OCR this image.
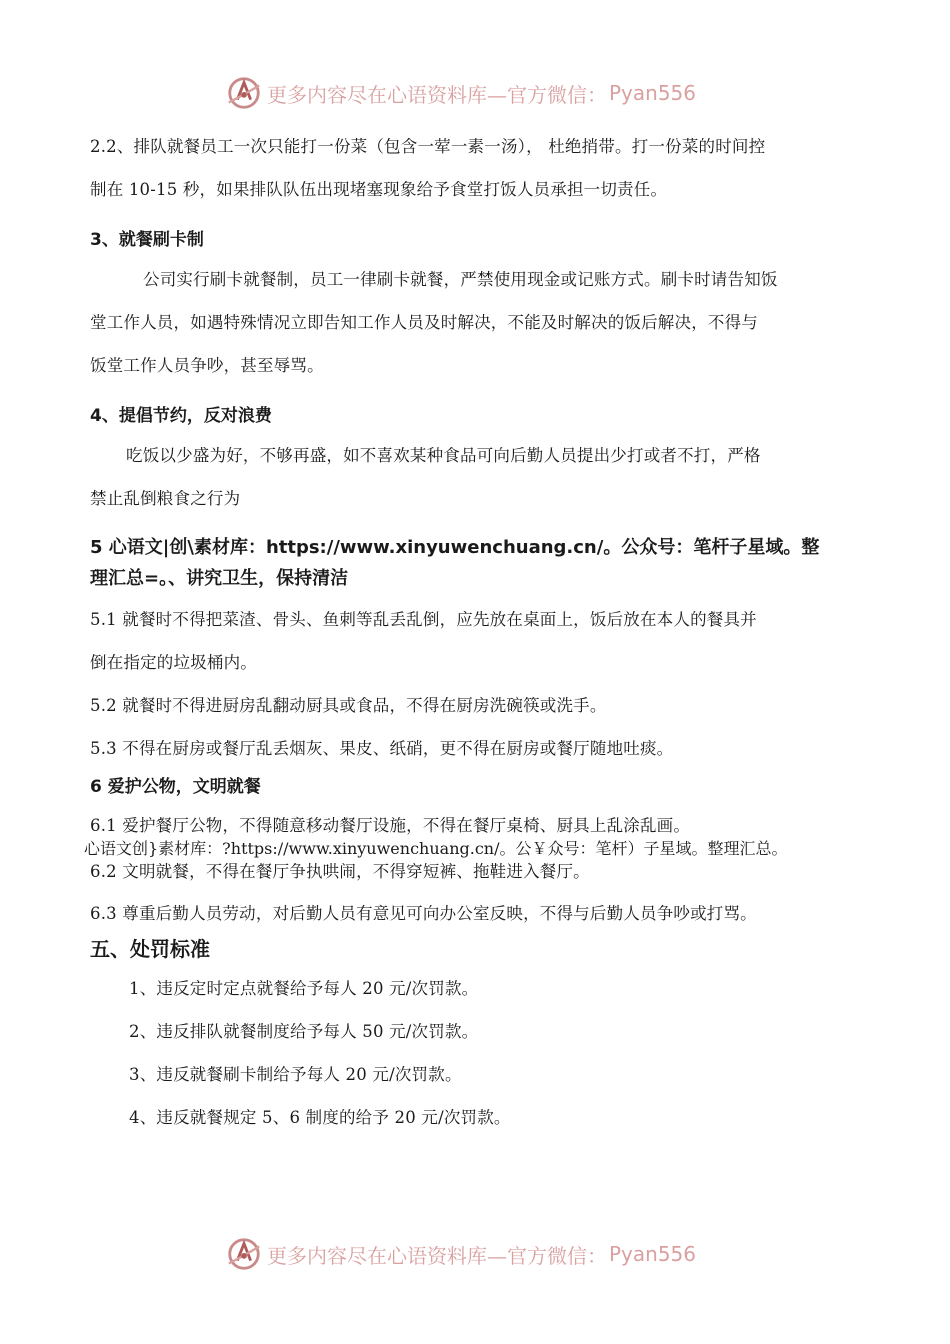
更多内容尽在心语资料库—官方微信： Pyan556
2.2、排队就餐员工一次只能打一份菜（包含一荤一素一汤）， 杜绝捎带。打一份菜的时间控
制在 10-15 秒，如果排队队伍出现堵塞现象给予食堂打饭人员承担一切责任。
3、就餐刷卡制
公司实行刷卡就餐制，员工一律刷卡就餐，严禁使用现金或记账方式。刷卡时请告知饭
堂工作人员，如遇特殊情况立即告知工作人员及时解决，不能及时解决的饭后解决，不得与
饭堂工作人员争吵，甚至辱骂。
4、提倡节约，反对浪费
吃饭以少盛为好，不够再盛，如不喜欢某种食品可向后勤人员提出少打或者不打，严格
禁止乱倒粮食之行为
5 心语文|创\素材库：https://www.xinyuwenchuang.cn/。公众号：笔杆子星域。整
理汇总=。、讲究卫生，保持清洁
5.1 就餐时不得把菜渣、骨头、鱼刺等乱丢乱倒，应先放在桌面上，饭后放在本人的餐具并
倒在指定的垃圾桶内。
5.2 就餐时不得进厨房乱翻动厨具或食品，不得在厨房洗碗筷或洗手。
5.3 不得在厨房或餐厅乱丢烟灰、果皮、纸硝，更不得在厨房或餐厅随地吐痰。
6 爱护公物，文明就餐
6.1 爱护餐厅公物，不得随意移动餐厅设施，不得在餐厅桌椅、厨具上乱涂乱画。
心语文创}素材库：?https://www.xinyuwenchuang.cn/。公￥众号：笔杆）子星域。整理汇总。
6.2 文明就餐，不得在餐厅争执哄闹，不得穿短裤、拖鞋进入餐厅。
6.3 尊重后勤人员劳动，对后勤人员有意见可向办公室反映，不得与后勤人员争吵或打骂。
五、处罚标准
1、违反定时定点就餐给予每人 20 元/次罚款。
2、违反排队就餐制度给予每人 50 元/次罚款。
3、违反就餐刷卡制给予每人 20 元/次罚款。
4、违反就餐规定 5、6 制度的给予 20 元/次罚款。
更多内容尽在心语资料库—官方微信： Pyan556
